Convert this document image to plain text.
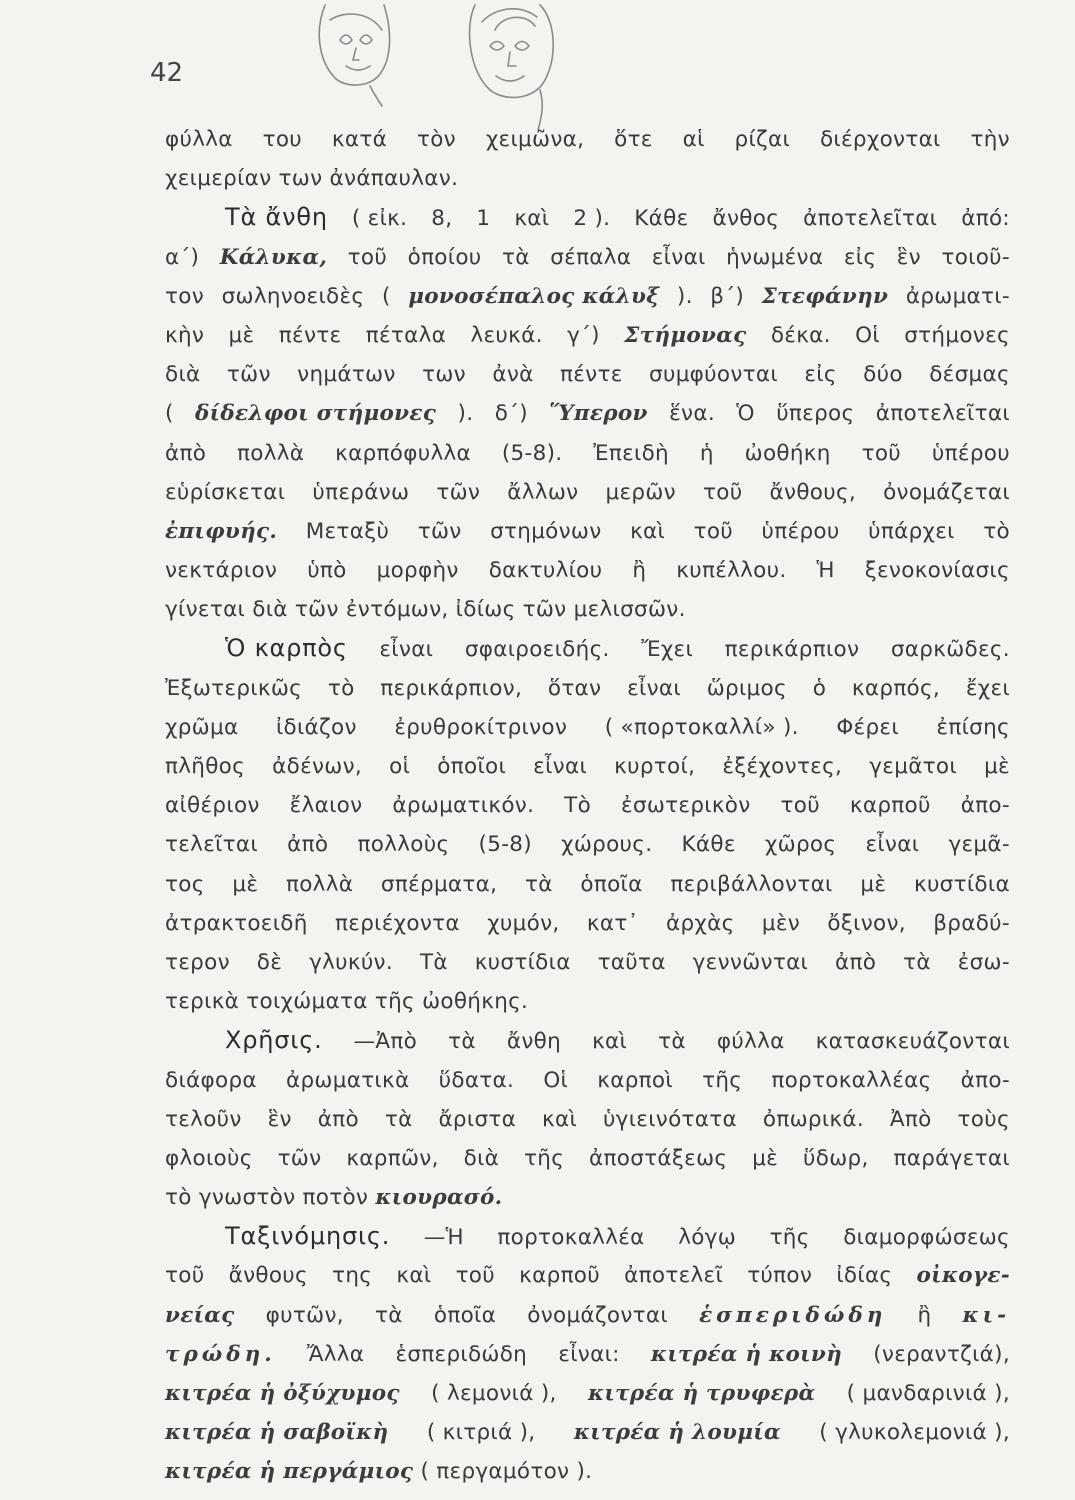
42
φύλλα του κατά τὸν χειμῶνα, ὅτε αἱ ρίζαι διέρχονται τὴν
χειμερίαν των ἀνάπαυλαν.
Τὰ ἄνθη ( εἰκ. 8, 1 καὶ 2 ). Κάθε ἄνθος ἀποτελεῖται ἀπό:
α΄) Κάλυκα, τοῦ ὁποίου τὰ σέπαλα εἶναι ἡνωμένα εἰς ἓν τοιοῦ-
τον σωληνοειδὲς ( μονοσέπαλος κάλυξ ). β΄) Στεφάνην ἀρωματι-
κὴν μὲ πέντε πέταλα λευκά. γ΄) Στήμονας δέκα. Οἱ στήμονες
διὰ τῶν νημάτων των ἀνὰ πέντε συμφύονται εἰς δύο δέσμας
( δίδελφοι στήμονες ). δ΄) Ὕπερον ἕνα. Ὁ ὕπερος ἀποτελεῖται
ἀπὸ πολλὰ καρπόφυλλα (5-8). Ἐπειδὴ ἡ ὠοθήκη τοῦ ὑπέρου
εὑρίσκεται ὑπεράνω τῶν ἄλλων μερῶν τοῦ ἄνθους, ὀνομάζεται
ἐπιφυής. Μεταξὺ τῶν στημόνων καὶ τοῦ ὑπέρου ὑπάρχει τὸ
νεκτάριον ὑπὸ μορφὴν δακτυλίου ἢ κυπέλλου. Ἡ ξενοκονίασις
γίνεται διὰ τῶν ἐντόμων, ἰδίως τῶν μελισσῶν.
Ὁ καρπὸς εἶναι σφαιροειδής. Ἔχει περικάρπιον σαρκῶδες.
Ἐξωτερικῶς τὸ περικάρπιον, ὅταν εἶναι ὥριμος ὁ καρπός, ἔχει
χρῶμα ἰδιάζον ἐρυθροκίτρινον ( «πορτοκαλλί» ). Φέρει ἐπίσης
πλῆθος ἀδένων, οἱ ὁποῖοι εἶναι κυρτοί, ἐξέχοντες, γεμᾶτοι μὲ
αἰθέριον ἔλαιον ἀρωματικόν. Τὸ ἐσωτερικὸν τοῦ καρποῦ ἀπο-
τελεῖται ἀπὸ πολλοὺς (5-8) χώρους. Κάθε χῶρος εἶναι γεμᾶ-
τος μὲ πολλὰ σπέρματα, τὰ ὁποῖα περιβάλλονται μὲ κυστίδια
ἀτρακτοειδῆ περιέχοντα χυμόν, κατ᾽ ἀρχὰς μὲν ὄξινον, βραδύ-
τερον δὲ γλυκύν. Τὰ κυστίδια ταῦτα γεννῶνται ἀπὸ τὰ ἐσω-
τερικὰ τοιχώματα τῆς ὠοθήκης.
Χρῆσις. —Ἀπὸ τὰ ἄνθη καὶ τὰ φύλλα κατασκευάζονται
διάφορα ἀρωματικὰ ὕδατα. Οἱ καρποὶ τῆς πορτοκαλλέας ἀπο-
τελοῦν ἓν ἀπὸ τὰ ἄριστα καὶ ὑγιεινότατα ὀπωρικά. Ἀπὸ τοὺς
φλοιοὺς τῶν καρπῶν, διὰ τῆς ἀποστάξεως μὲ ὕδωρ, παράγεται
τὸ γνωστὸν ποτὸν κιουρασό.
Ταξινόμησις. —Ἡ πορτοκαλλέα λόγῳ τῆς διαμορφώσεως
τοῦ ἄνθους της καὶ τοῦ καρποῦ ἀποτελεῖ τύπον ἰδίας οἰκογε-
νείας φυτῶν, τὰ ὁποῖα ὀνομάζονται ἑσπεριδώδη ἢ κι-
τρώδη. Ἄλλα ἑσπεριδώδη εἶναι: κιτρέα ἡ κοινὴ (νεραντζιά),
κιτρέα ἡ ὀξύχυμος ( λεμονιά ), κιτρέα ἡ τρυφερὰ ( μανδαρινιά ),
κιτρέα ἡ σαβοϊκὴ ( κιτριά ), κιτρέα ἡ λουμία ( γλυκολεμονιά ),
κιτρέα ἡ περγάμιος ( περγαμότον ).
